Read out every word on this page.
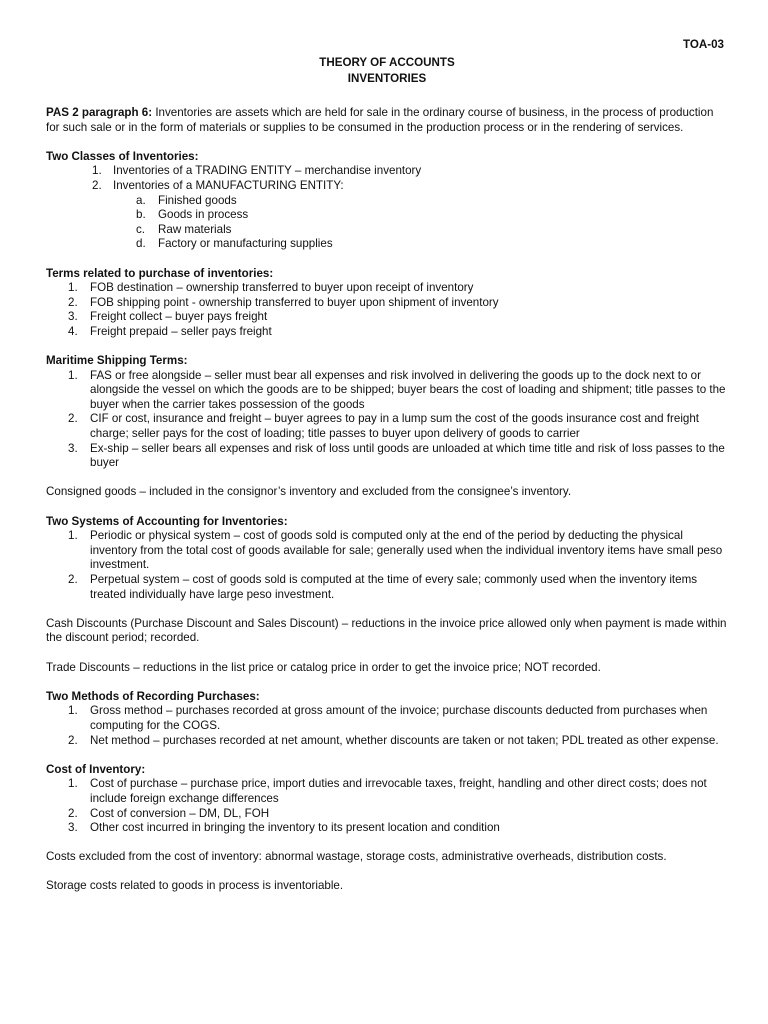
TOA-03
THEORY OF ACCOUNTS
INVENTORIES

PAS 2 paragraph 6: Inventories are assets which are held for sale in the ordinary course of business, in the process of production for such sale or in the form of materials or supplies to be consumed in the production process or in the rendering of services.

Two Classes of Inventories:

1. Inventories of a TRADING ENTITY – merchandise inventory
2. Inventories of a MANUFACTURING ENTITY:
a.	Finished goods
b.	Goods in process
c.	Raw materials
d.	Factory or manufacturing supplies

Terms related to purchase of inventories:

1.	FOB destination – ownership transferred to buyer upon receipt of inventory
2.	FOB shipping point - ownership transferred to buyer upon shipment of inventory
3.	Freight collect – buyer pays freight
4.	Freight prepaid – seller pays freight

Maritime Shipping Terms:

1.	FAS or free alongside – seller must bear all expenses and risk involved in delivering the goods up to the dock next to or alongside the vessel on which the goods are to be shipped; buyer bears the cost of loading and shipment; title passes to the buyer when the carrier takes possession of the goods
2.	CIF or cost, insurance and freight – buyer agrees to pay in a lump sum the cost of the goods insurance cost and freight charge; seller pays for the cost of loading; title passes to buyer upon delivery of goods to carrier
3.	Ex-ship – seller bears all expenses and risk of loss until goods are unloaded at which time title and risk of loss passes to the buyer

Consigned goods – included in the consignor’s inventory and excluded from the consignee’s inventory.

Two Systems of Accounting for Inventories:

1.	Periodic or physical system – cost of goods sold is computed only at the end of the period by deducting the physical inventory from the total cost of goods available for sale; generally used when the individual inventory items have small peso investment.
2.	Perpetual system – cost of goods sold is computed at the time of every sale; commonly used when the inventory items treated individually have large peso investment.

Cash Discounts (Purchase Discount and Sales Discount) – reductions in the invoice price allowed only when payment is made within the discount period; recorded.

Trade Discounts – reductions in the list price or catalog price in order to get the invoice price; NOT recorded.

Two Methods of Recording Purchases:

1.	Gross method – purchases recorded at gross amount of the invoice; purchase discounts deducted from purchases when computing for the COGS.
2.	Net method – purchases recorded at net amount, whether discounts are taken or not taken; PDL treated as other expense.

Cost of Inventory:

1.	Cost of purchase – purchase price, import duties and irrevocable taxes, freight, handling and other direct costs; does not include foreign exchange differences
2.	Cost of conversion – DM, DL, FOH
3.	Other cost incurred in bringing the inventory to its present location and condition

Costs excluded from the cost of inventory: abnormal wastage, storage costs, administrative overheads, distribution costs.

Storage costs related to goods in process is inventoriable.
